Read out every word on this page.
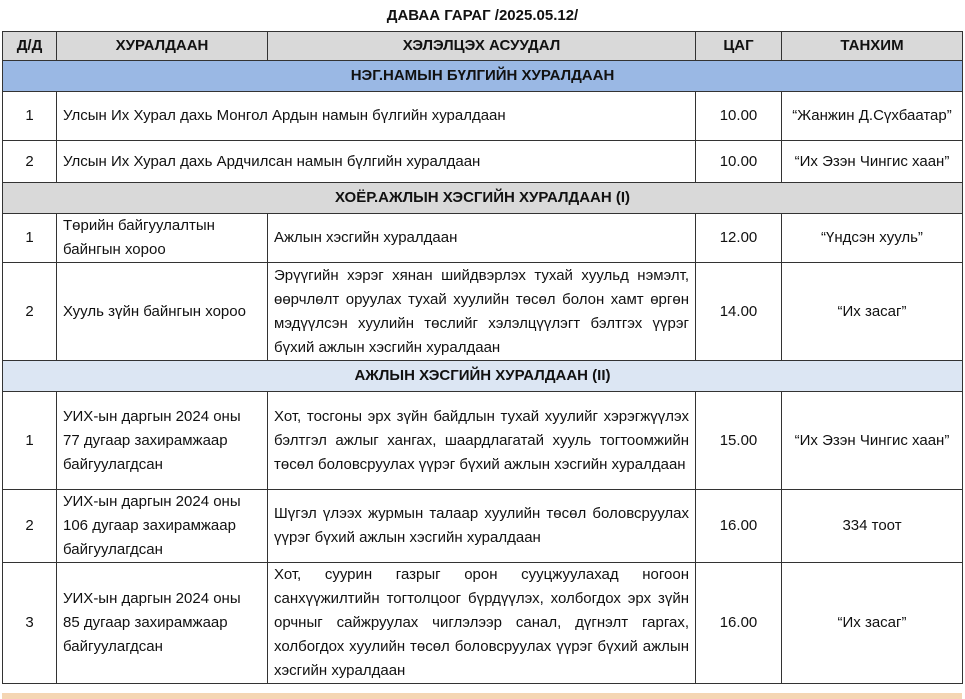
ДАВАА ГАРАГ /2025.05.12/
Д/Д	ХУРАЛДААН	ХЭЛЭЛЦЭХ АСУУДАЛ	ЦАГ	ТАНХИМ
НЭГ.НАМЫН БҮЛГИЙН ХУРАЛДААН				
1	Улсын Их Хурал дахь Монгол Ардын намын бүлгийн хуралдаан		10.00	“Жанжин Д.Сүхбаатар”
2	Улсын Их Хурал дахь Ардчилсан намын бүлгийн хуралдаан		10.00	“Их Эзэн Чингис хаан”
ХОЁР.АЖЛЫН ХЭСГИЙН ХУРАЛДААН (I)				
1	Төрийн байгуулалтын байнгын хороо	Ажлын хэсгийн хуралдаан	12.00	“Үндсэн хууль”
2	Хууль зүйн байнгын хороо	Эрүүгийн хэрэг хянан шийдвэрлэх тухай хуульд нэмэлт, өөрчлөлт оруулах тухай хуулийн төсөл болон хамт өргөн мэдүүлсэн хуулийн төслийг хэлэлцүүлэгт бэлтгэх үүрэг бүхий ажлын хэсгийн хуралдаан	14.00	“Их засаг”
АЖЛЫН ХЭСГИЙН ХУРАЛДААН (II)				
1	УИХ-ын даргын 2024 оны 77 дугаар захирамжаар байгуулагдсан	Хот, тосгоны эрх зүйн байдлын тухай хуулийг хэрэгжүүлэх бэлтгэл ажлыг хангах, шаардлагатай хууль тогтоомжийн төсөл боловсруулах үүрэг бүхий ажлын хэсгийн хуралдаан	15.00	“Их Эзэн Чингис хаан”
2	УИХ-ын даргын 2024 оны 106 дугаар захирамжаар байгуулагдсан	Шүгэл үлээх журмын талаар хуулийн төсөл боловсруулах үүрэг бүхий ажлын хэсгийн хуралдаан	16.00	334 тоот
3	УИХ-ын даргын 2024 оны 85 дугаар захирамжаар байгуулагдсан	Хот, суурин газрыг орон сууцжуулахад ногоон санхүүжилтийн тогтолцоог бүрдүүлэх, холбогдох эрх зүйн орчныг сайжруулах чиглэлээр санал, дүгнэлт гаргах, холбогдох хуулийн төсөл боловсруулах үүрэг бүхий ажлын хэсгийн хуралдаан	16.00	“Их засаг”
